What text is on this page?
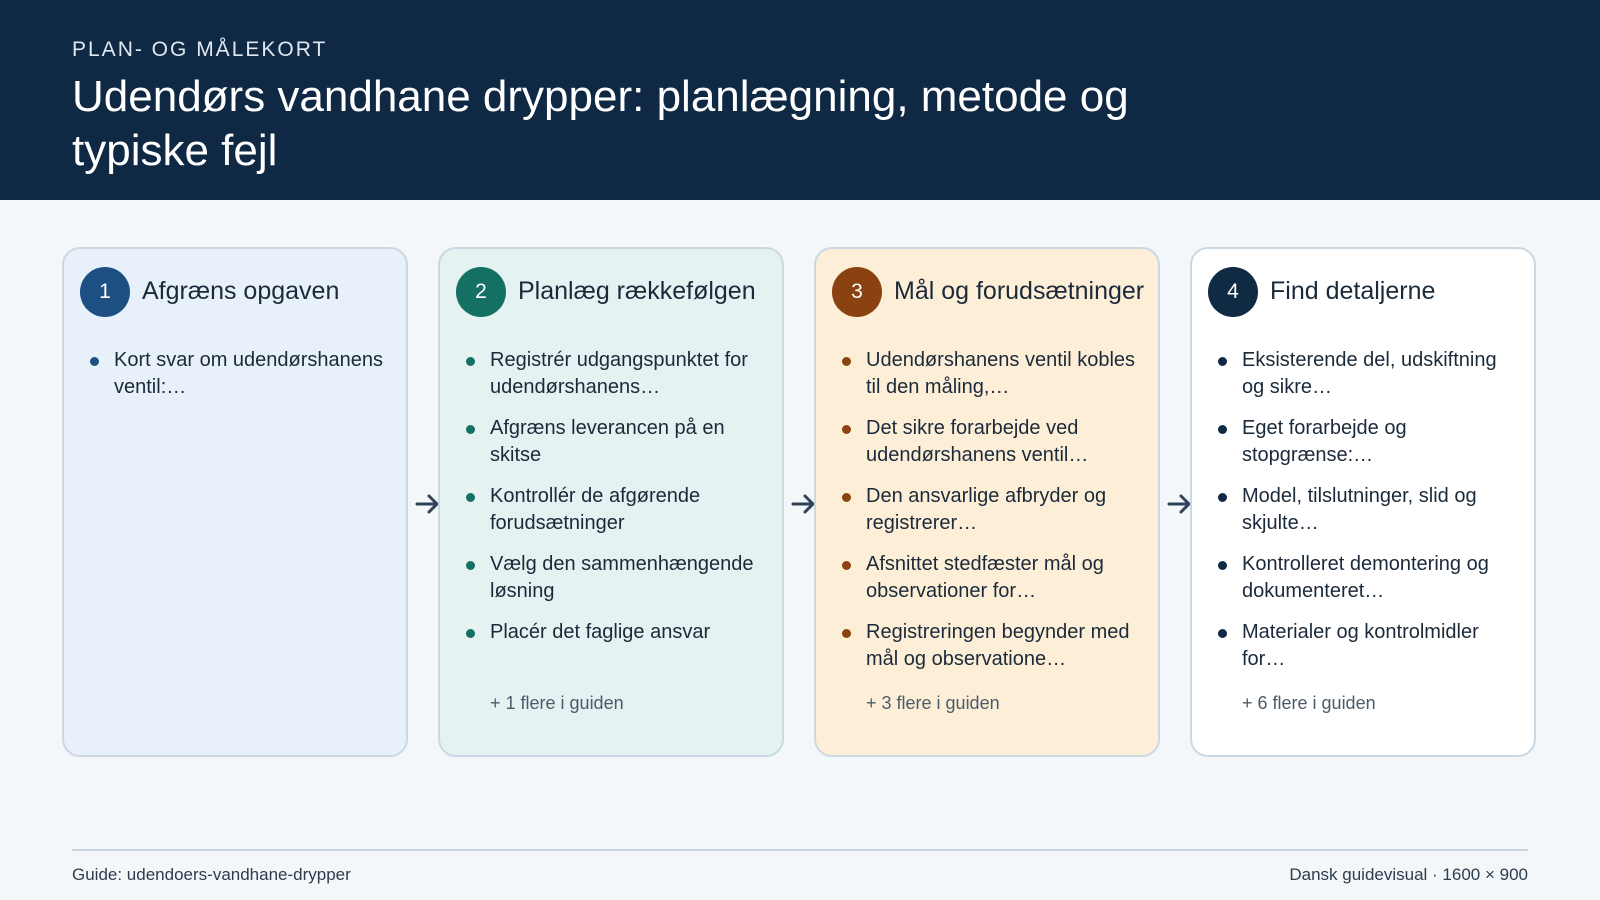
PLAN- OG MÅLEKORT
Udendørs vandhane drypper: planlægning, metode og typiske fejl
1	Afgræns opgaven
Kort svar om udendørshanens ventil:…
2	Planlæg rækkefølgen
Registrér udgangspunktet for udendørshanens…
Afgræns leverancen på en skitse
Kontrollér de afgørende forudsætninger
Vælg den sammenhængende løsning
Placér det faglige ansvar
+ 1 flere i guiden
3	Mål og forudsætninger
Udendørshanens ventil kobles til den måling,…
Det sikre forarbejde ved udendørshanens ventil…
Den ansvarlige afbryder og registrerer…
Afsnittet stedfæster mål og observationer for…
Registreringen begynder med mål og observatione…
+ 3 flere i guiden
4	Find detaljerne
Eksisterende del, udskiftning og sikre…
Eget forarbejde og stopgrænse:…
Model, tilslutninger, slid og skjulte…
Kontrolleret demontering og dokumenteret…
Materialer og kontrolmidler for…
+ 6 flere i guiden
Guide: udendoers-vandhane-drypper	Dansk guidevisual · 1600 × 900
